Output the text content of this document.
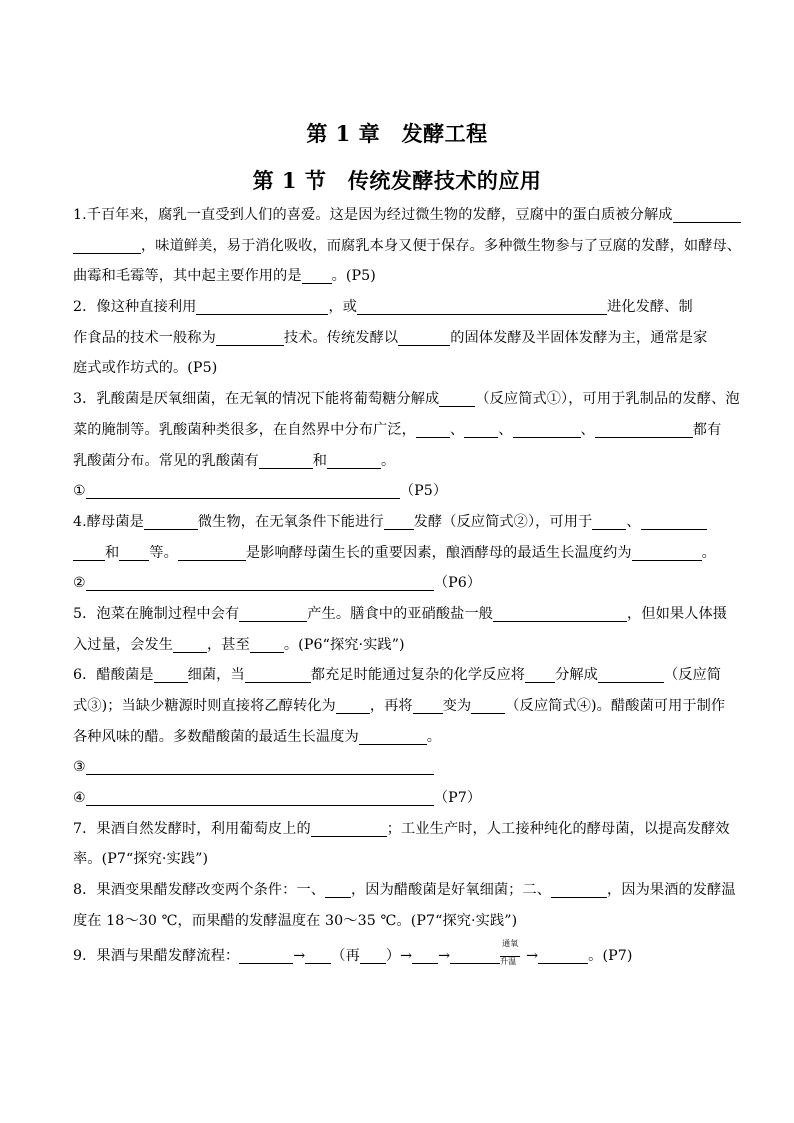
第 1 章　发酵工程
第 1 节　传统发酵技术的应用
1.千百年来，腐乳一直受到人们的喜爱。这是因为经过微生物的发酵，豆腐中的蛋白质被分解成
，味道鲜美，易于消化吸收，而腐乳本身又便于保存。多种微生物参与了豆腐的发酵，如酵母、
曲霉和毛霉等，其中起主要作用的是 。(P5)
2．像这种直接利用	，或	进化发酵、制
作食品的技术一般称为	技术。传统发酵以	的固体发酵及半固体发酵为主，通常是家
庭式或作坊式的。(P5)
3．乳酸菌是厌氧细菌，在无氧的情况下能将葡萄糖分解成	（反应简式①），可用于乳制品的发酵、泡
菜的腌制等。乳酸菌种类很多，在自然界中分布广泛， 、 、	、	都有
乳酸菌分布。常见的乳酸菌有	和	。
①	（P5）
4.酵母菌是	微生物，在无氧条件下能进行 发酵（反应简式②），可用于 、
和 等。	是影响酵母菌生长的重要因素，酿酒酵母的最适生长温度约为	。
②	（P6）
5．泡菜在腌制过程中会有	产生。膳食中的亚硝酸盐一般	，但如果人体摄
入过量，会发生 ，甚至 。(P6“探究·实践”)
6．醋酸菌是 细菌，当	都充足时能通过复杂的化学反应将 分解成	（反应简
式③)；当缺少糖源时则直接将乙醇转化为 ，再将 变为 （反应简式④)。醋酸菌可用于制作
各种风味的醋。多数醋酸菌的最适生长温度为	。
③
④	（P7）
7．果酒自然发酵时，利用葡萄皮上的	；工业生产时，人工接种纯化的酵母菌，以提高发酵效
率。(P7“探究·实践”)
8．果酒变果醋发酵改变两个条件：一、 ，因为醋酸菌是好氧细菌；二、	，因为果酒的发酵温
度在 18～30 ℃，而果醋的发酵温度在 30～35 ℃。(P7“探究·实践”)
9．果酒与果醋发酵流程：	→ （再 ）→ →
通氧
升温 →	。(P7)
